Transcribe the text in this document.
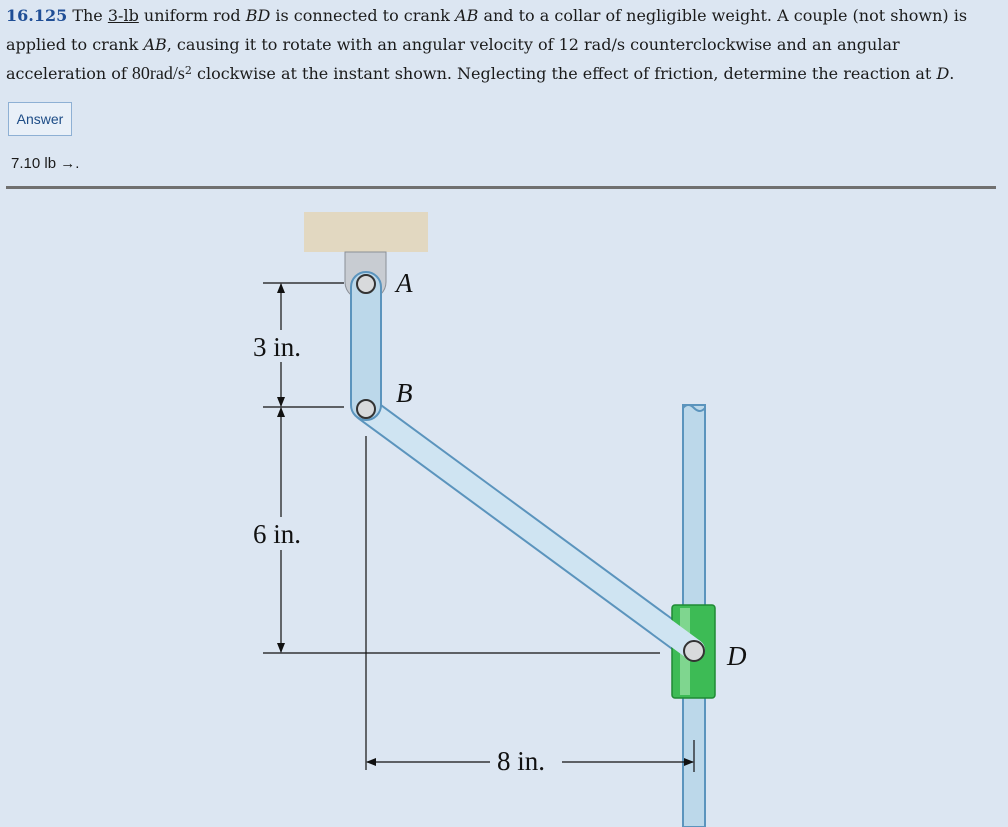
16.125 The 3-lb uniform rod BD is connected to crank AB and to a collar of negligible weight. A couple (not shown) is applied to crank AB, causing it to rotate with an angular velocity of 12 rad/s counterclockwise and an angular acceleration of $80rad/s^2$ clockwise at the instant shown. Neglecting the effect of friction, determine the reaction at D.
Answer
7.10 lb →.
A
B
D
3 in.
6 in.
8 in.
